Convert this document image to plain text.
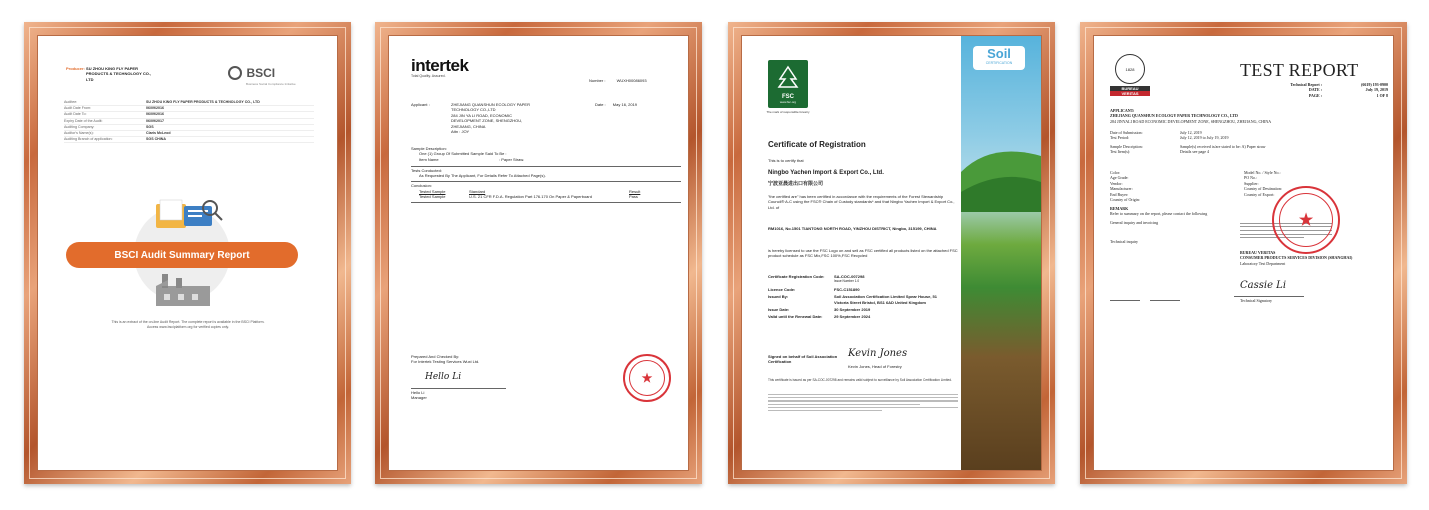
Producer: SU ZHOU KING FLY PAPER
PRODUCTS & TECHNOLOGY CO.,
LTD	BSCI
Business Social Compliance Initiative
Auditee:	SU ZHOU KING FLY PAPER PRODUCTS & TECHNOLOGY CO., LTD
Audit Date From:	06/09/2016
Audit Date To:	06/09/2016
Expiry Date of the Audit:	06/09/2017
Auditing Company:	SGS
Auditor's Name(s):	Claris McLeod
Auditing Branch of application:	SGS CHINA
BSCI Audit Summary Report
This is an extract of the on-line Audit Report. The complete report is available in the BSCI Platform.
Access www.bsciplatform.org for verified copies only.
intertek
Total Quality. Assured.
Number :	WUXH00086093
Applicant :	ZHEJIANG QUANSHUN ECOLOGY PAPER
TECHNOLOGY CO.,LTD
284 JIN YA LI ROAD, ECONOMIC
DEVELOPMENT ZONE, SHENGZHOU,
ZHEJIANG, CHINA
Attn : JOY
Date : May 16, 2019
Sample Description:
One (1) Group Of Submitted Sample Said To Be :
Item Name	: Paper Straw.
Tests Conducted:
As Requested By The Applicant, For Details Refer To Attached Page(s).
Conclusion:
Tested Sample	Standard	Result
Tested Sample	U.S. 21 CFR F.D.A. Regulation Part 176.170 On Paper & Paperboard	Pass
Prepared And Checked By:
For Intertek Testing Services Wuxi Ltd.
Hello Li
Hello Li
Manager
★
Soil
CERTIFICATION
FSC
www.fsc.org
The mark of responsible forestry
Certificate of Registration
This is to certify that
Ningbo Yachen Import & Export Co., Ltd.
宁波亚晨进出口有限公司
"the certified are" has been certified in accordance with the requirements of the Forest Stewardship Council® A-C using the FSC® Chain of Custody standards* and that Ningbo Yachen Import & Export Co., Ltd. of
RM1016, No.1501 TIANTONG NORTH ROAD, YINZHOU DISTRICT, Ningbo, 315199, CHINA
is hereby licensed to use the FSC Logo on and sell as FSC certified all products listed on the attached FSC product schedule as FSC Mix,FSC 100%,FSC Recycled
Certificate Registration Code:	SA-COC-007298
Issue Number 1.0
Licence Code:	FSC-C151890
Issued By:	Soil Association Certification Limited Spear House, 51 Victoria Street Bristol, BS1 6AD United Kingdom
Issue Date:	30 September 2019
Valid until the Renewal Date:	29 September 2024
Signed on behalf of Soil Association Certification
Kevin Jones
Kevin Jones, Head of Forestry
This certificate is issued as per SA-COC-007298 and remains valid subject to surveillance by Soil Association Certification Limited.
1828
BUREAU
VERITAS
TEST REPORT
Technical Report :	(6619) 193-0900
DATE :	July 19, 2019
PAGE :	1 OF 8
APPLICANT:
ZHEJIANG QUANSHUN ECOLOGY PAPER TECHNOLOGY CO., LTD
284 JINYALI ROAD ECONOMIC DEVELOPMENT ZONE, SHENGZHOU, ZHEJIANG, CHINA
Date of Submission:	July 12, 2019
Test Period:	July 12, 2019 to July 19, 2019
Sample Description:	Sample(s) received is/are stated to be: A) Paper straw
Test Item(s):	Details see page 4
Color:
Age Grade:
Vendor:
Manufacturer:
End Buyer:
Country of Origin:
Model No. / Style No.:
PO No.:
Supplier:
Country of Destination:
Country of Export:
REMARK
Refer to summary on the report, please contact the following
General inquiry and invoicing
Technical inquiry
★
BUREAU VERITAS
CONSUMER PRODUCTS SERVICES DIVISION (SHANGHAI)
Laboratory Test Department
Cassie Li
Technical Signatory
